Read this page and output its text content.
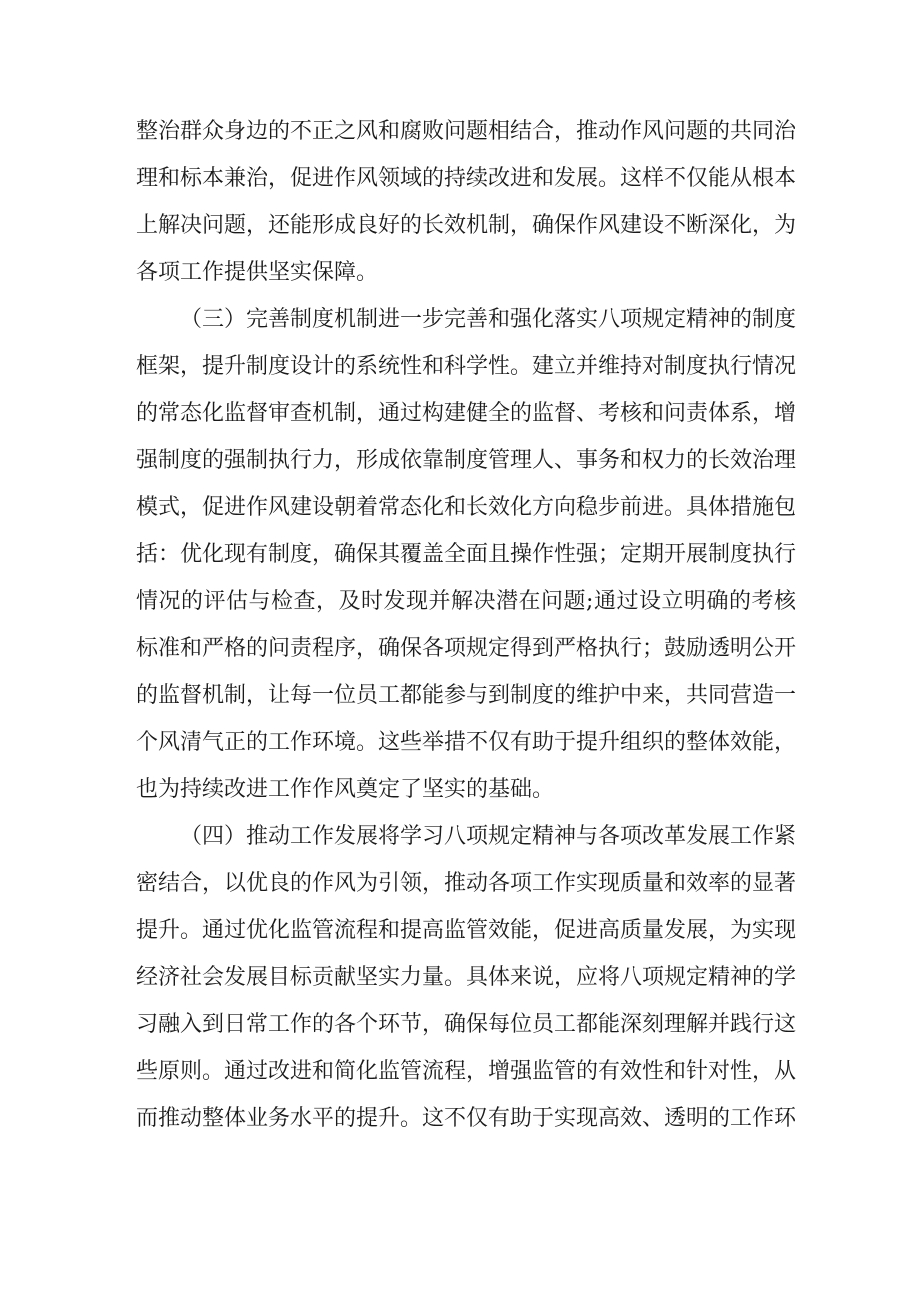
整治群众身边的不正之风和腐败问题相结合，推动作风问题的共同治理和标本兼治，促进作风领域的持续改进和发展。这样不仅能从根本上解决问题，还能形成良好的长效机制，确保作风建设不断深化，为各项工作提供坚实保障。

（三）完善制度机制进一步完善和强化落实八项规定精神的制度框架，提升制度设计的系统性和科学性。建立并维持对制度执行情况的常态化监督审查机制，通过构建健全的监督、考核和问责体系，增强制度的强制执行力，形成依靠制度管理人、事务和权力的长效治理模式，促进作风建设朝着常态化和长效化方向稳步前进。具体措施包括：优化现有制度，确保其覆盖全面且操作性强；定期开展制度执行情况的评估与检查，及时发现并解决潜在问题;通过设立明确的考核标准和严格的问责程序，确保各项规定得到严格执行；鼓励透明公开的监督机制，让每一位员工都能参与到制度的维护中来，共同营造一个风清气正的工作环境。这些举措不仅有助于提升组织的整体效能，也为持续改进工作作风奠定了坚实的基础。

（四）推动工作发展将学习八项规定精神与各项改革发展工作紧密结合，以优良的作风为引领，推动各项工作实现质量和效率的显著提升。通过优化监管流程和提高监管效能，促进高质量发展，为实现经济社会发展目标贡献坚实力量。具体来说，应将八项规定精神的学习融入到日常工作的各个环节，确保每位员工都能深刻理解并践行这些原则。通过改进和简化监管流程，增强监管的有效性和针对性，从而推动整体业务水平的提升。这不仅有助于实现高效、透明的工作环
